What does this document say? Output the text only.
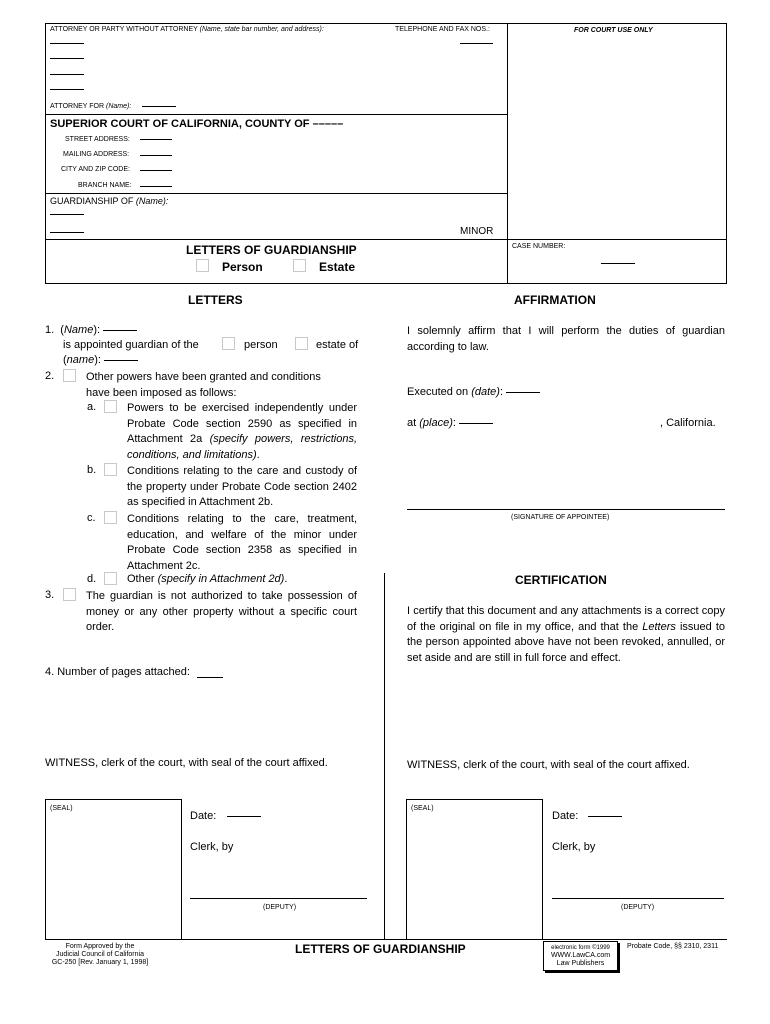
ATTORNEY OR PARTY WITHOUT ATTORNEY (Name, state bar number, and address):	TELEPHONE AND FAX NOS.:	FOR COURT USE ONLY
ATTORNEY FOR (Name):
SUPERIOR COURT OF CALIFORNIA, COUNTY OF –––––
STREET ADDRESS:
MAILING ADDRESS:
CITY AND ZIP CODE:
BRANCH NAME:
GUARDIANSHIP OF (Name):
MINOR
LETTERS OF GUARDIANSHIP
Person	Estate
CASE NUMBER:
LETTERS
1.  (Name):
is appointed guardian of the	person	estate of
(name):
2.	Other powers have been granted and conditions
have been imposed as follows:
a.	Powers to be exercised independently under Probate Code section 2590 as specified in Attachment 2a (specify powers, restrictions, conditions, and limitations).
b.	Conditions relating to the care and custody of the property under Probate Code section 2402 as specified in Attachment 2b.
c.	Conditions relating to the care, treatment, education, and welfare of the minor under Probate Code section 2358 as specified in Attachment 2c.
d.	Other (specify in Attachment 2d).
3.	The guardian is not authorized to take possession of money or any other property without a specific court order.
4. Number of pages attached:
WITNESS, clerk of the court, with seal of the court affixed.
(SEAL)
Date:
Clerk, by
(DEPUTY)
AFFIRMATION
I solemnly affirm that I will perform the duties of guardian according to law.
Executed on (date):
at (place):	, California.
(SIGNATURE OF APPOINTEE)
CERTIFICATION
I certify that this document and any attachments is a correct copy of the original on file in my office, and that the Letters issued to the person appointed above have not been revoked, annulled, or set aside and are still in full force and effect.
WITNESS, clerk of the court, with seal of the court affixed.
(SEAL)
Date:
Clerk, by
(DEPUTY)
Form Approved by the
Judicial Council of California
GC-250 [Rev. January 1, 1998]
LETTERS OF GUARDIANSHIP	electronic form ©1999
WWW.LawCA.com
Law Publishers
Probate Code, §§ 2310, 2311
